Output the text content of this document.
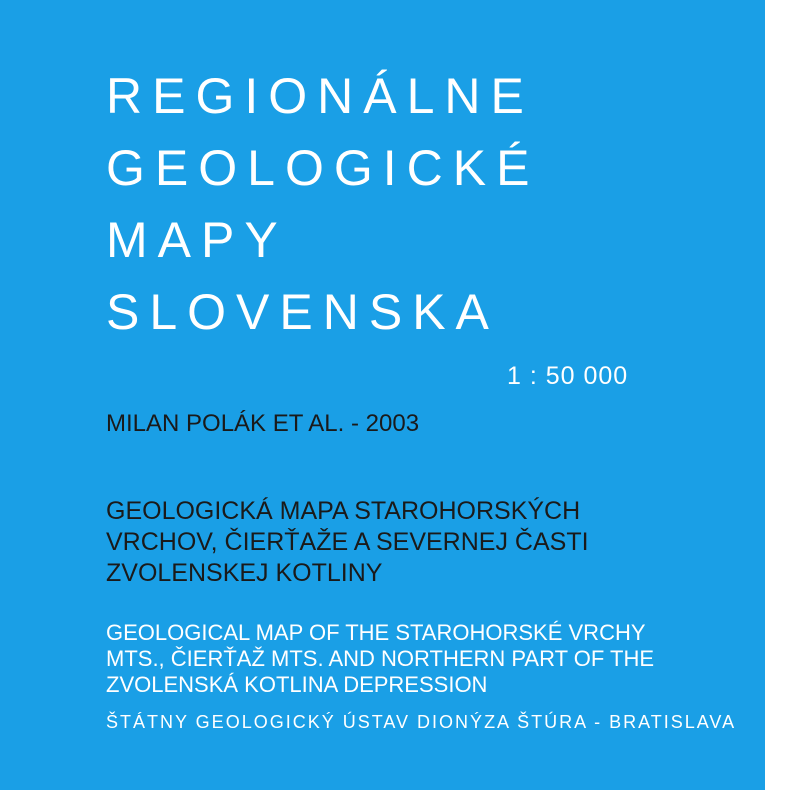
REGIONÁLNE
GEOLOGICKÉ
MAPY
SLOVENSKA
1 : 50 000
MILAN POLÁK ET AL. - 2003
GEOLOGICKÁ MAPA STAROHORSKÝCH
VRCHOV, ČIERŤAŽE A SEVERNEJ ČASTI
ZVOLENSKEJ KOTLINY
GEOLOGICAL MAP OF THE STAROHORSKÉ VRCHY
MTS., ČIERŤAŽ MTS. AND NORTHERN PART OF THE
ZVOLENSKÁ KOTLINA DEPRESSION
ŠTÁTNY GEOLOGICKÝ ÚSTAV DIONÝZA ŠTÚRA - BRATISLAVA
